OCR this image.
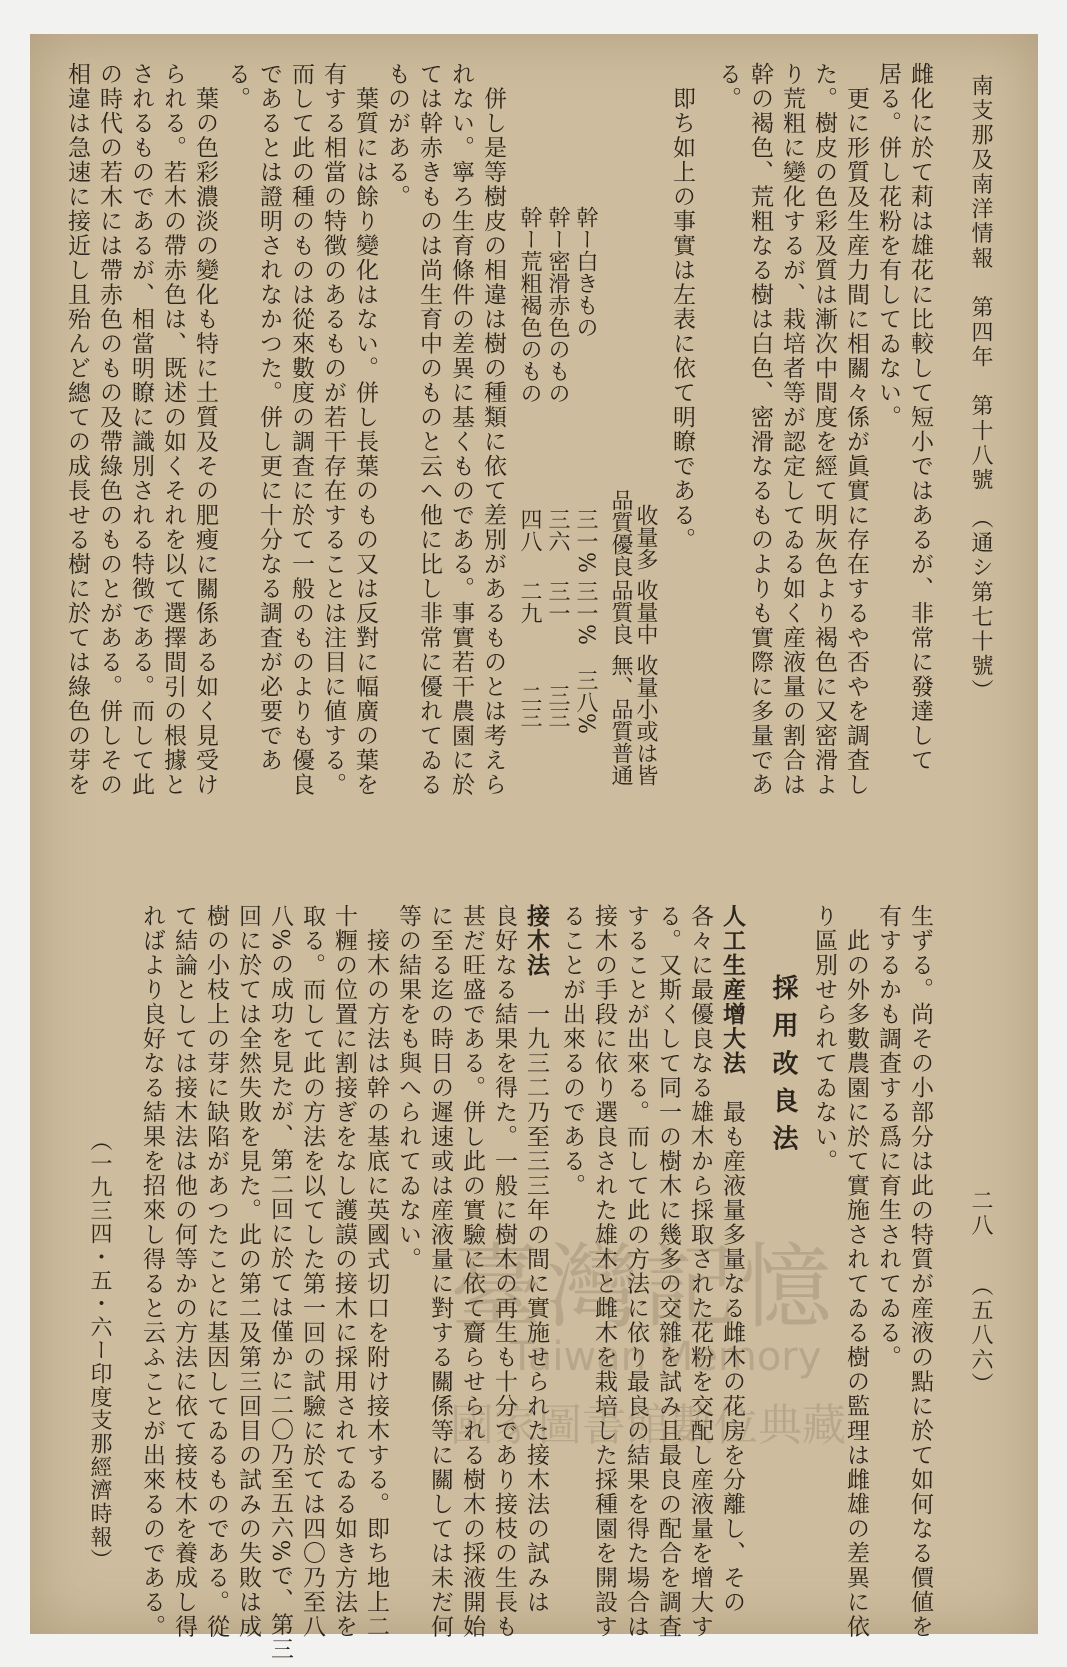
南支那及南洋情報　第四年　第十八號　（通シ第七十號）
二八
（五八六）
雌化に於て莉は雄花に比較して短小ではあるが、非常に發達して
居る。併し花粉を有してゐない。
　更に形質及生産力間に相關々係が眞實に存在するや否やを調査し
た。樹皮の色彩及質は漸次中間度を經て明灰色より褐色に又密滑よ
り荒粗に變化するが、栽培者等が認定してゐる如く産液量の割合は
幹の褐色、荒粗なる樹は白色、密滑なるものよりも實際に多量であ
る。
　即ち如上の事實は左表に依て明瞭である。
收量多
品質優良
收量中
品質良
收量小或は皆
無、品質普通
幹ー白きもの
三一%
三一%
三八%
幹ー密滑赤色のもの
三六
三一
三三
幹ー荒粗褐色のもの
四八
二九
二三
　併し是等樹皮の相違は樹の種類に依て差別があるものとは考えら
れない。寧ろ生育條件の差異に基くものである。事實若干農園に於
ては幹赤きものは尚生育中のものと云へ他に比し非常に優れてゐる
ものがある。
　葉質には餘り變化はない。併し長葉のもの又は反對に幅廣の葉を
有する相當の特徴のあるものが若干存在することは注目に値する。
而して此の種のものは從來數度の調査に於て一般のものよりも優良
であるとは證明されなかつた。併し更に十分なる調査が必要であ
る。
　葉の色彩濃淡の變化も特に土質及その肥瘦に關係ある如く見受け
られる。若木の帶赤色は、既述の如くそれを以て選擇間引の根據と
されるものであるが、相當明瞭に識別される特徴である。而して此
の時代の若木には帶赤色のもの及帶綠色のものとがある。併しその
相違は急速に接近し且殆んど總ての成長せる樹に於ては綠色の芽を
生ずる。尚その小部分は此の特質が産液の點に於て如何なる價値を
有するかも調査する爲に育生されてゐる。
　此の外多數農園に於て實施されてゐる樹の監理は雌雄の差異に依
り區別せられてゐない。
採用改良法
人工生産增大法　最も産液量多量なる雌木の花房を分離し、その
各々に最優良なる雄木から採取された花粉を交配し産液量を增大す
る。又斯くして同一の樹木に幾多の交雜を試み且最良の配合を調査
することが出來る。而して此の方法に依り最良の結果を得た場合は
接木の手段に依り選良された雄木と雌木を栽培した採種園を開設す
ることが出來るのである。
接木法　一九三二乃至三三年の間に實施せられた接木法の試みは
良好なる結果を得た。一般に樹木の再生も十分であり接枝の生長も
甚だ旺盛である。併し此の實驗に依て齎らせられる樹木の採液開始
に至る迄の時日の遲速或は産液量に對する關係等に關しては未だ何
等の結果をも與へられてゐない。
　接木の方法は幹の基底に英國式切口を附け接木する。即ち地上二
十糎の位置に割接ぎをなし護謨の接木に採用されてゐる如き方法を
取る。而して此の方法を以てした第一回の試驗に於ては四〇乃至八
八%の成功を見たが、第二回に於ては僅かに二〇乃至五六%で、第三
回に於ては全然失敗を見た。此の第二及第三回目の試みの失敗は成
樹の小枝上の芽に缺陷があつたことに基因してゐるものである。從
て結論としては接木法は他の何等かの方法に依て接枝木を養成し得
ればより良好なる結果を招來し得ると云ふことが出來るのである。
（一九三四・五・六ー印度支那經濟時報）	臺灣記憶
Taiwan Memory
國家圖書館數位典藏
